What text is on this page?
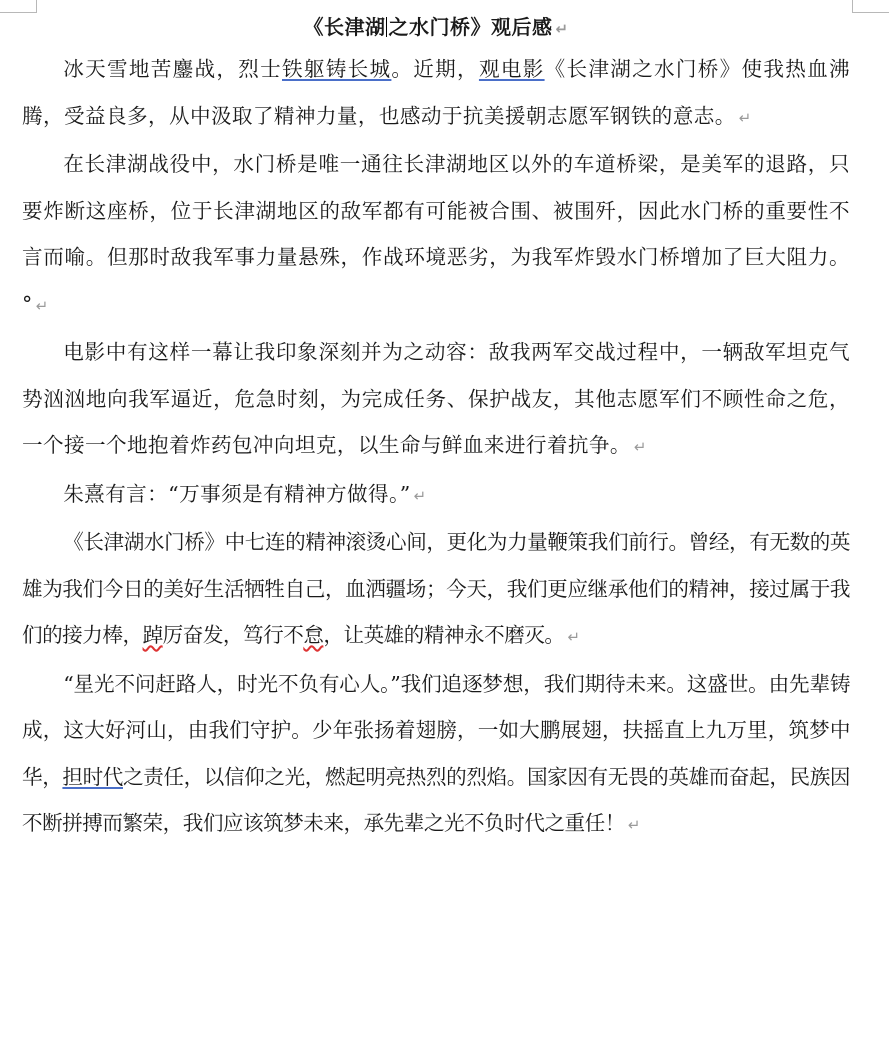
《长津湖 之水门桥》观后感 ↵

冰天雪地苦鏖战，烈士铁躯铸长城。近期，观电影《长津湖之水门桥》使我热血沸腾，受益良多，从中汲取了精神力量，也感动于抗美援朝志愿军钢铁的意志。 ↵

在长津湖战役中，水门桥是唯一通往长津湖地区以外的车道桥梁，是美军的退路，只要炸断这座桥，位于长津湖地区的敌军都有可能被合围、被围歼，因此水门桥的重要性不言而喻。但那时敌我军事力量悬殊，作战环境恶劣，为我军炸毁水门桥增加了巨大阻力。° ↵

电影中有这样一幕让我印象深刻并为之动容：敌我两军交战过程中，一辆敌军坦克气势汹汹地向我军逼近，危急时刻，为完成任务、保护战友，其他志愿军们不顾性命之危，一个接一个地抱着炸药包冲向坦克，以生命与鲜血来进行着抗争。 ↵

朱熹有言：“万事须是有精神方做得。” ↵

《长津湖水门桥》中七连的精神滚烫心间，更化为力量鞭策我们前行。曾经，有无数的英雄为我们今日的美好生活牺牲自己，血洒疆场；今天，我们更应继承他们的精神，接过属于我们的接力棒，踔厉奋发，笃行不怠，让英雄的精神永不磨灭。 ↵

“星光不问赶路人，时光不负有心人。”我们追逐梦想，我们期待未来。这盛世。由先辈铸成，这大好河山，由我们守护。少年张扬着翅膀，一如大鹏展翅，扶摇直上九万里，筑梦中华，担时代之责任，以信仰之光，燃起明亮热烈的烈焰。国家因有无畏的英雄而奋起，民族因不断拼搏而繁荣，我们应该筑梦未来，承先辈之光不负时代之重任！ ↵
